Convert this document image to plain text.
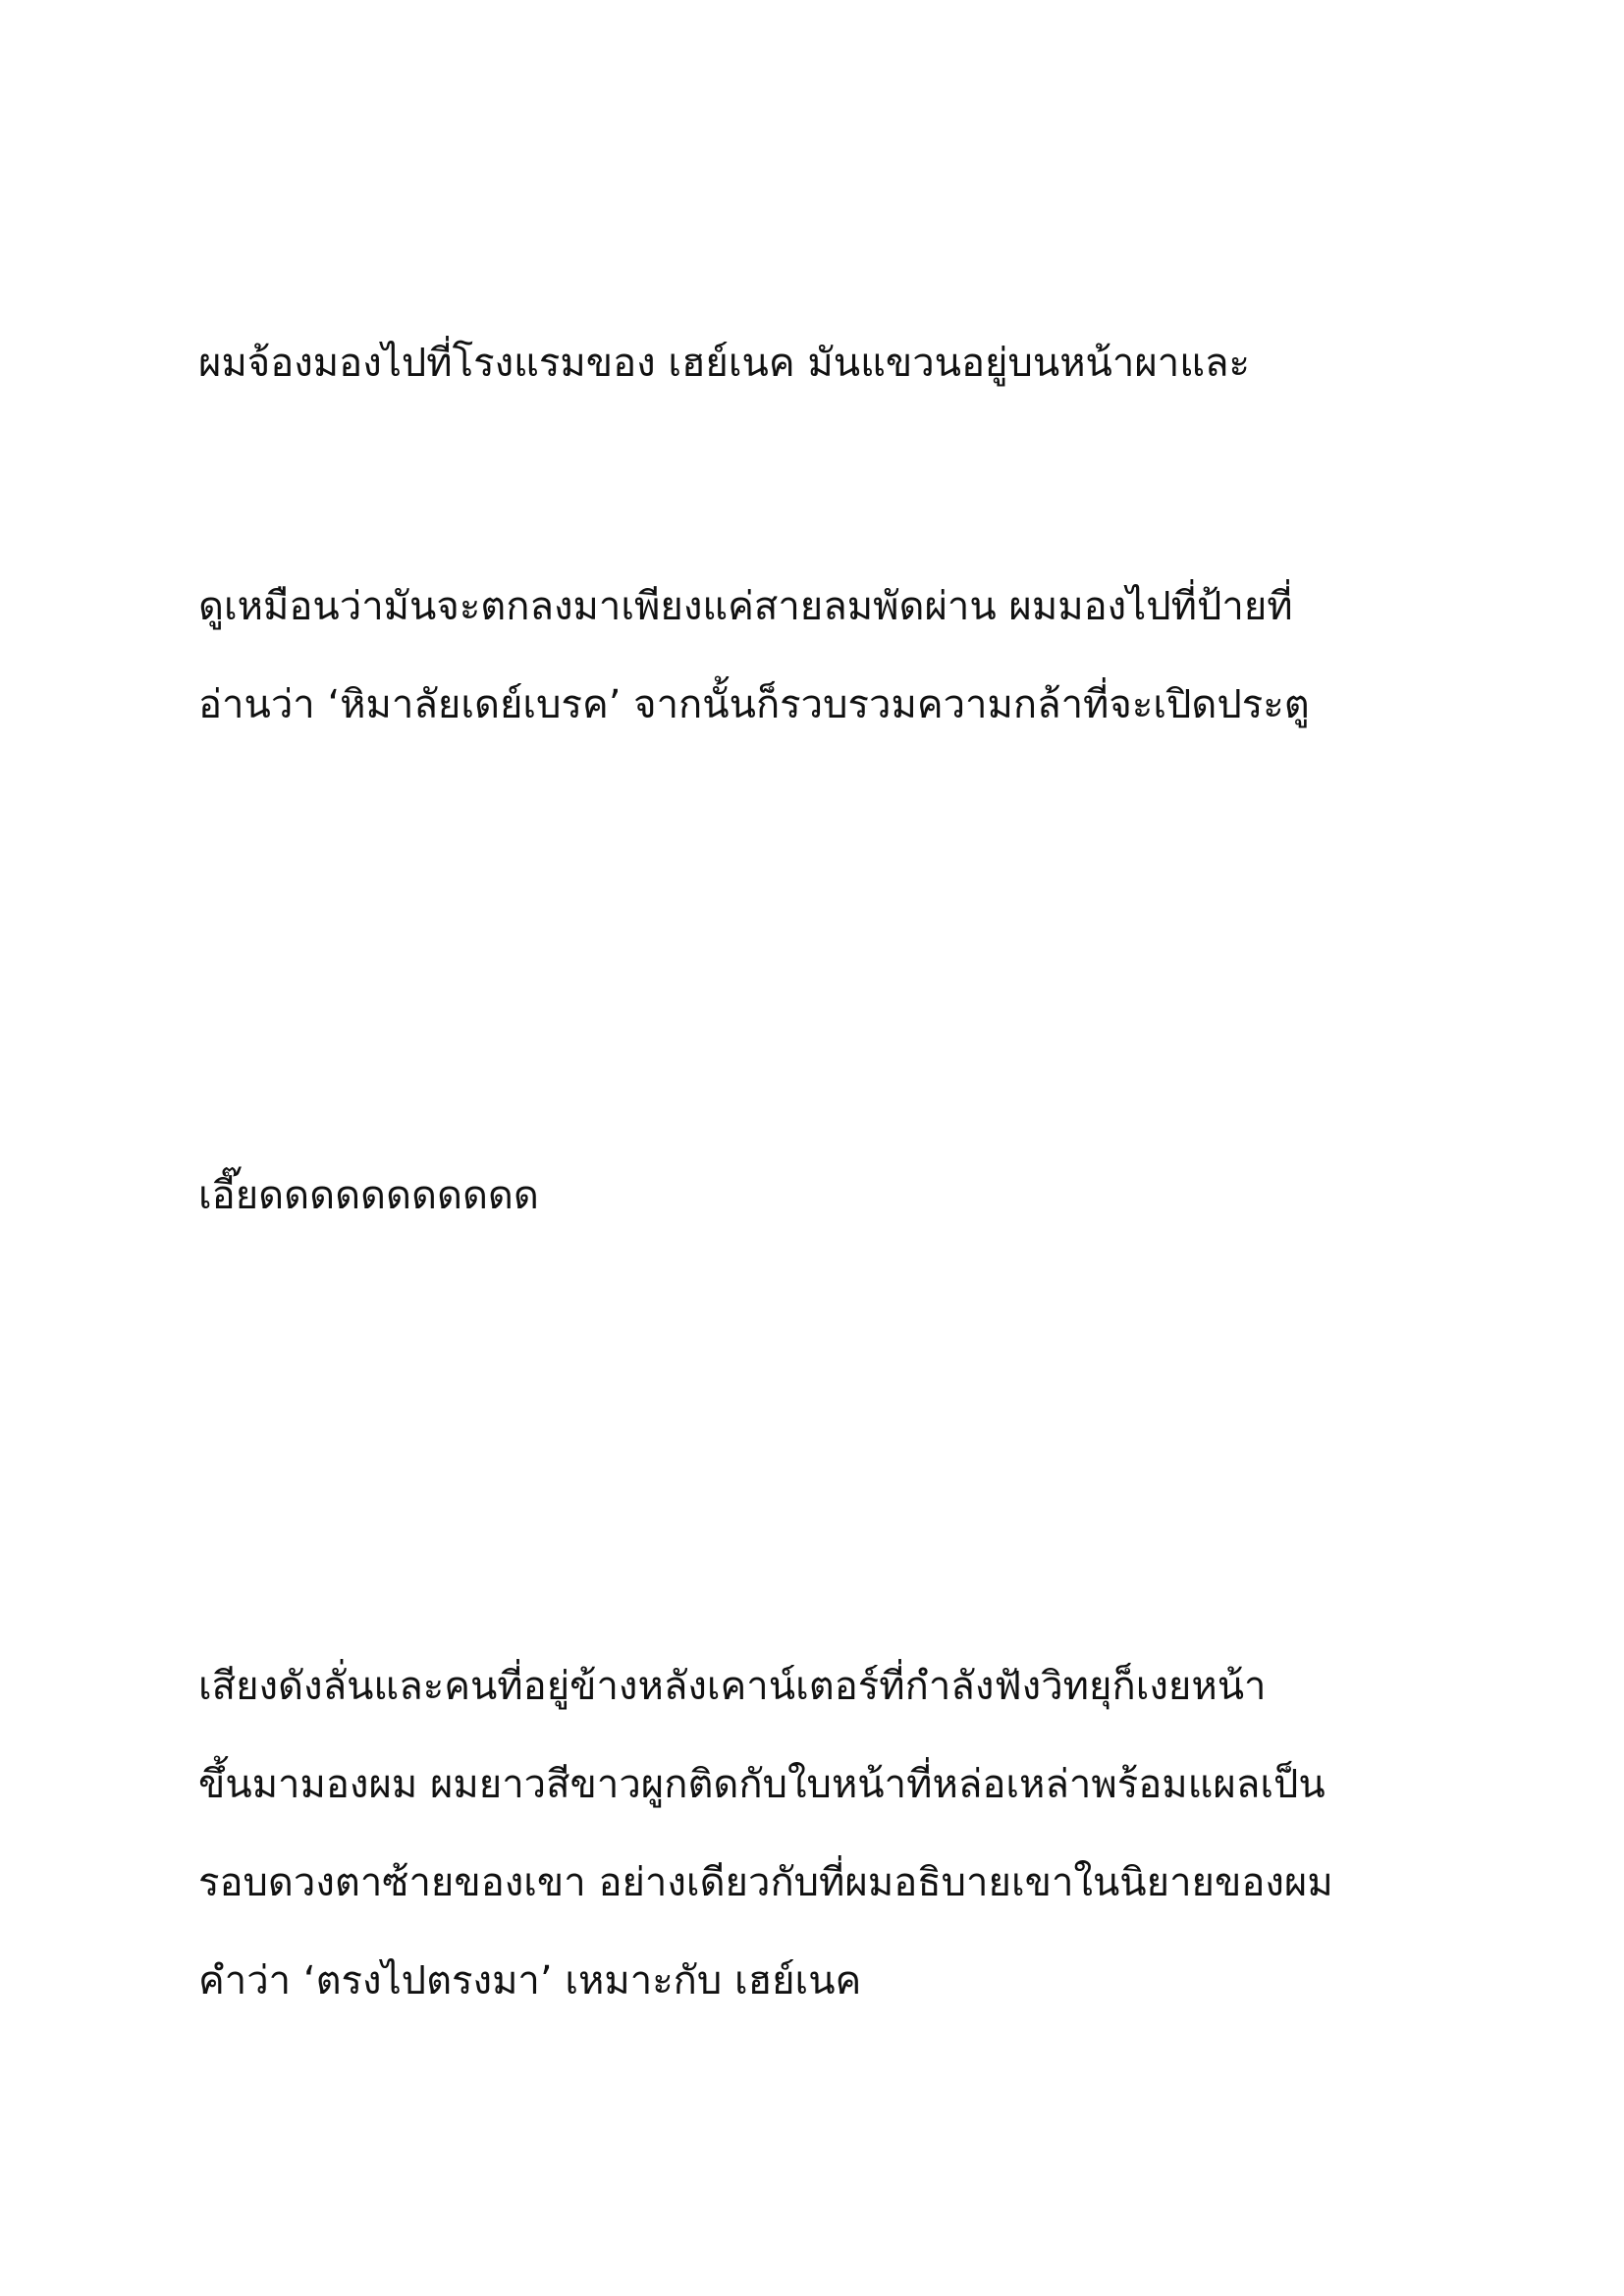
ผมจ้องมองไปที่โรงแรมของ เฮย์เนค มันแขวนอยู่บนหน้าผาและ
ดูเหมือนว่ามันจะตกลงมาเพียงแค่สายลมพัดผ่าน ผมมองไปที่ป้ายที่
อ่านว่า ‘หิมาลัยเดย์เบรค’ จากนั้นก็รวบรวมความกล้าที่จะเปิดประตู
เอี๊ยดดดดดดดดดดด
เสียงดังลั่นและคนที่อยู่ข้างหลังเคาน์เตอร์ที่กำลังฟังวิทยุก็เงยหน้า
ขึ้นมามองผม ผมยาวสีขาวผูกติดกับใบหน้าที่หล่อเหล่าพร้อมแผลเป็น
รอบดวงตาซ้ายของเขา อย่างเดียวกับที่ผมอธิบายเขาในนิยายของผม
คำว่า ‘ตรงไปตรงมา’ เหมาะกับ เฮย์เนค
